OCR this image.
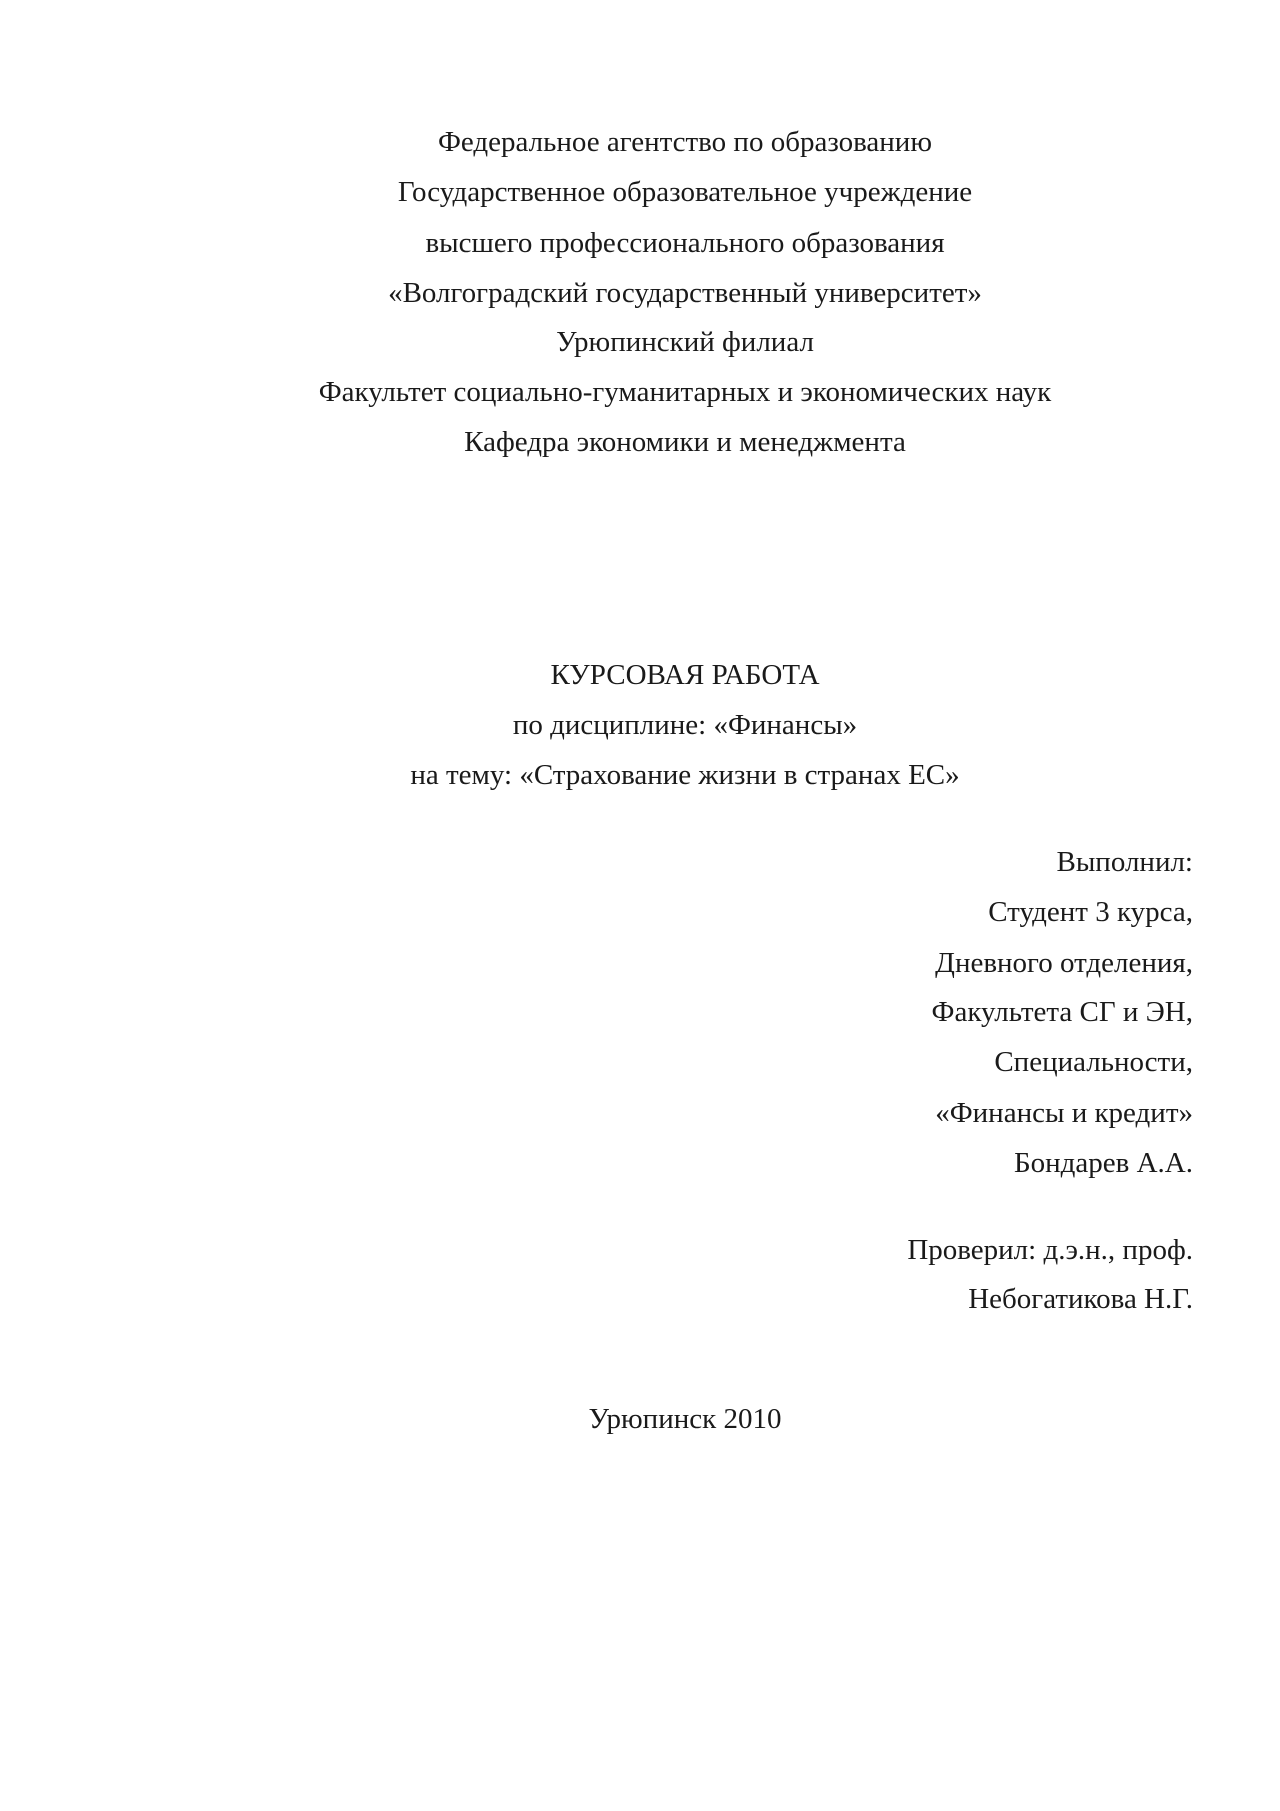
Федеральное агентство по образованию
Государственное образовательное учреждение
высшего профессионального образования
«Волгоградский государственный университет»
Урюпинский филиал
Факультет социально-гуманитарных и экономических наук
Кафедра экономики и менеджмента
КУРСОВАЯ РАБОТА
по дисциплине: «Финансы»
на тему: «Страхование жизни в странах ЕС»
Выполнил:
Студент 3 курса,
Дневного отделения,
Факультета СГ и ЭН,
Специальности,
«Финансы и кредит»
Бондарев А.А.
Проверил: д.э.н., проф.
Небогатикова Н.Г.
Урюпинск 2010
